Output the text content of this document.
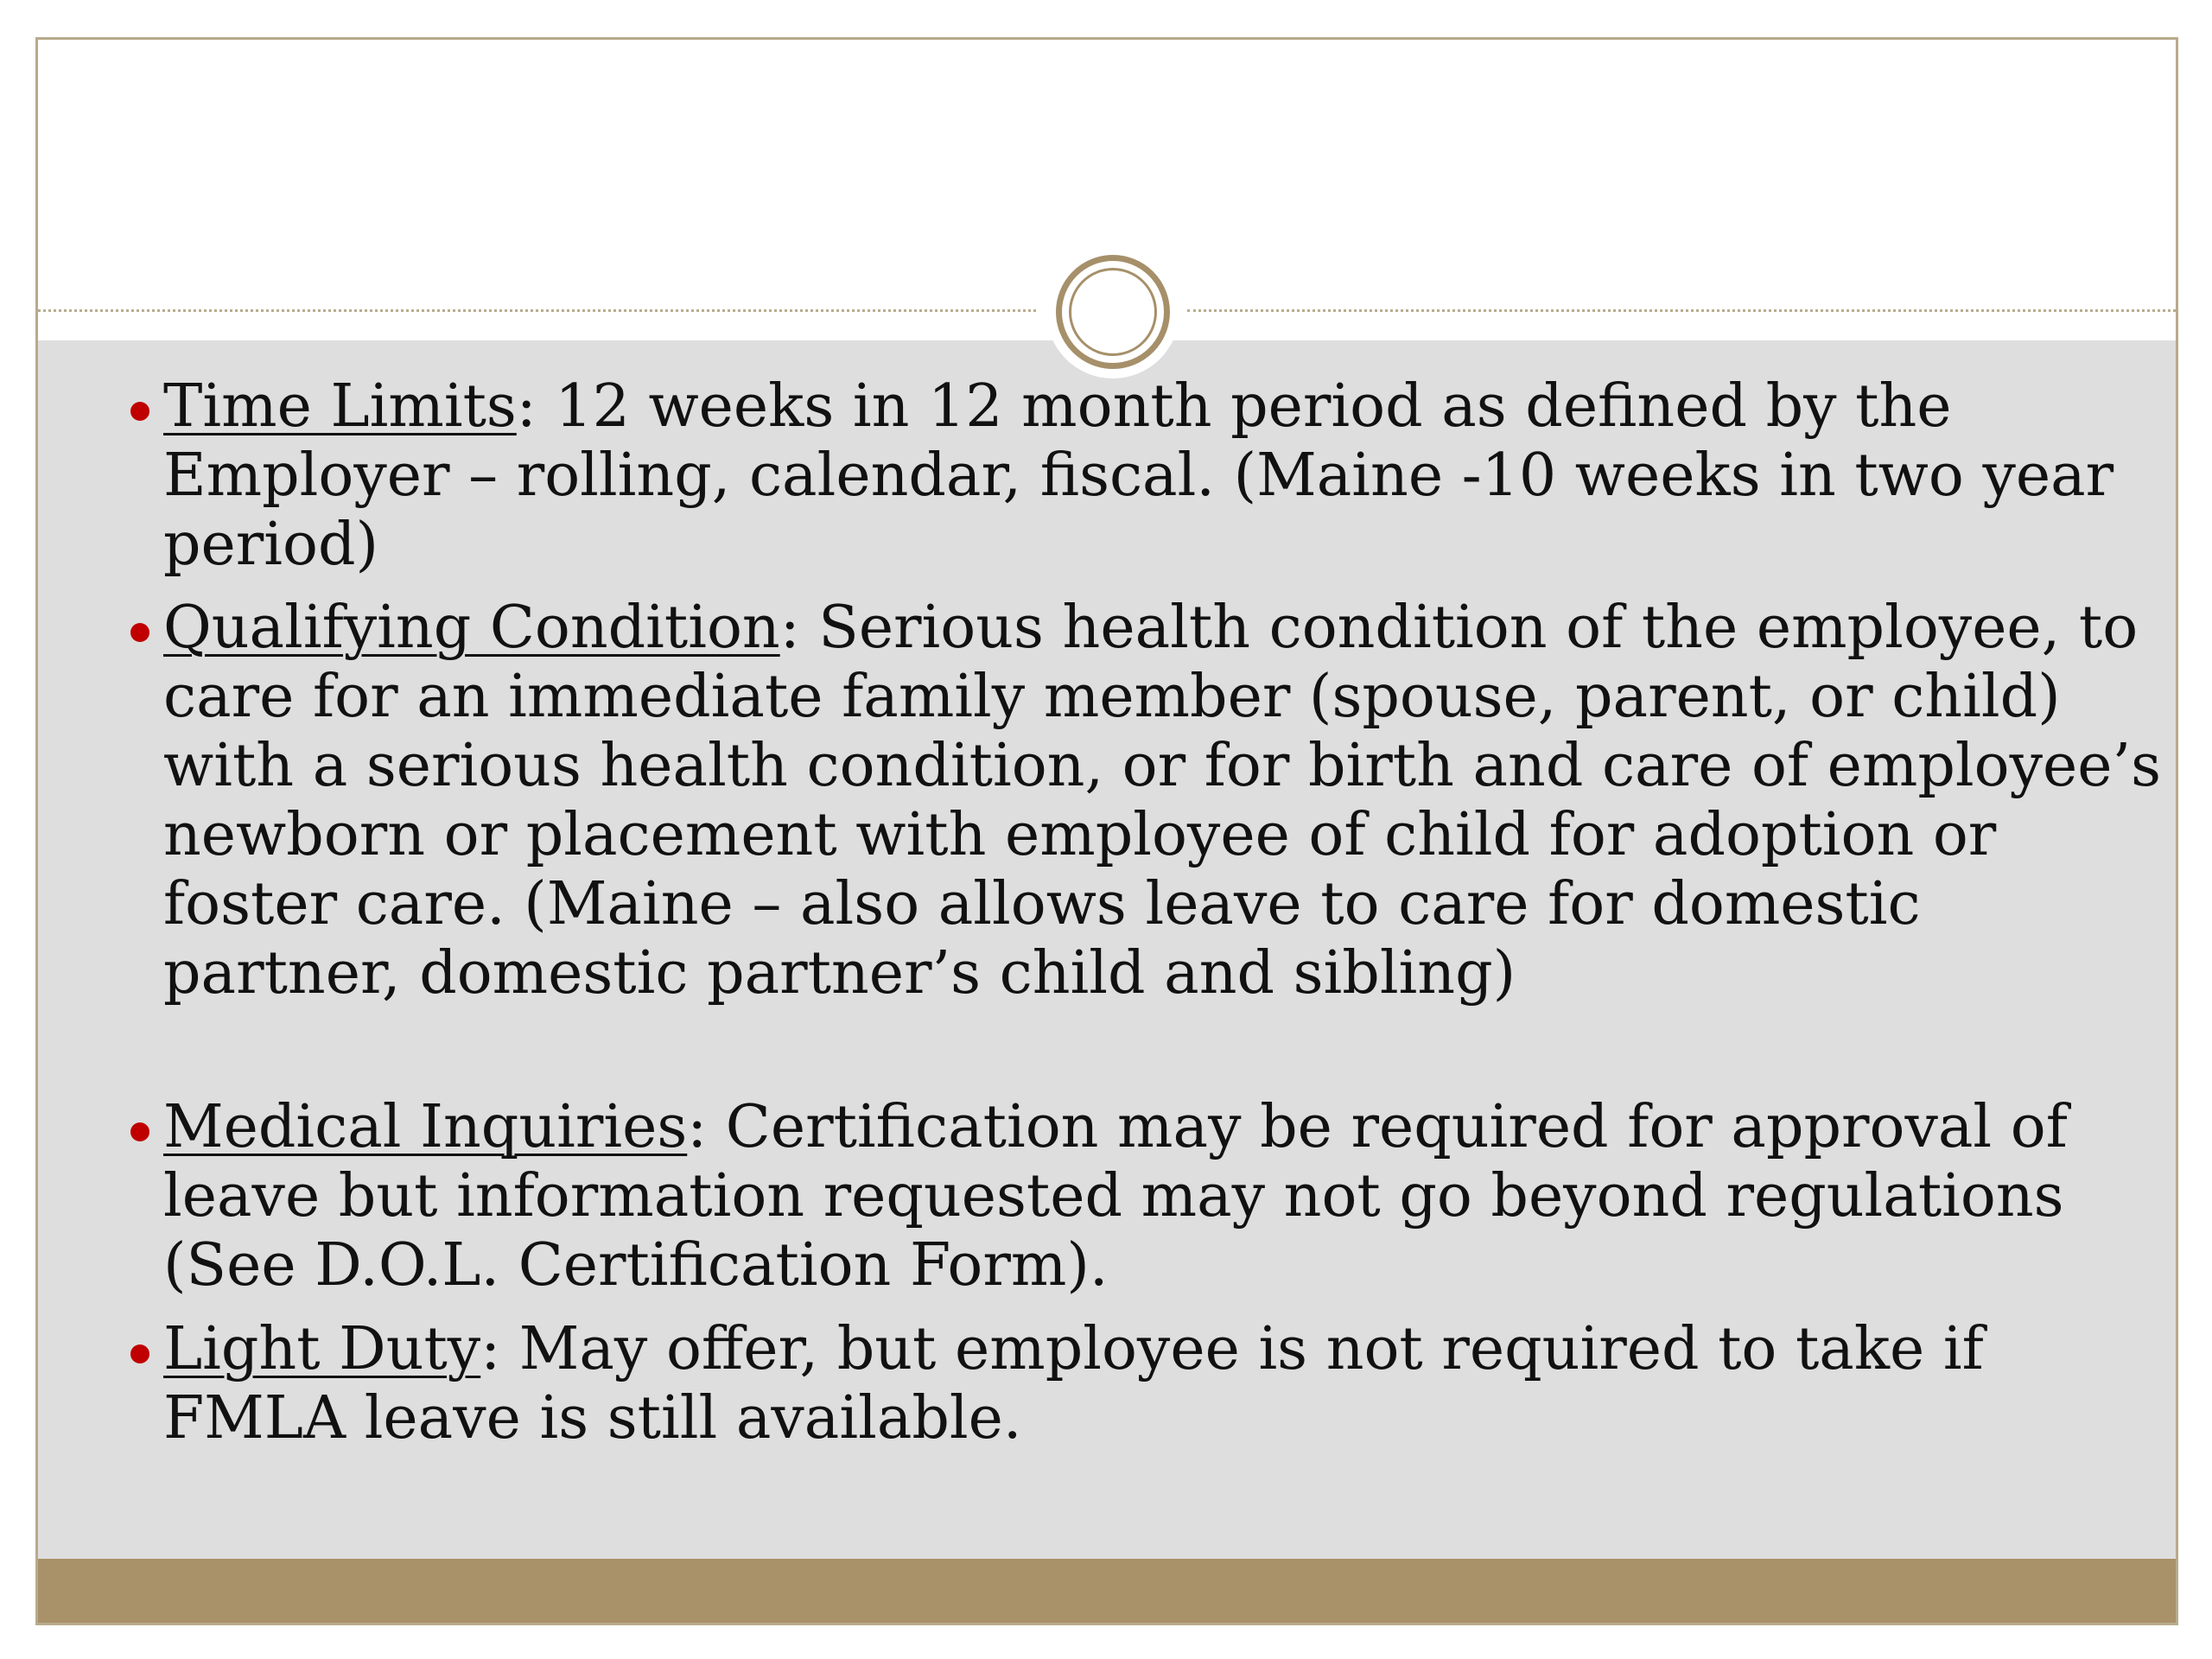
Time Limits: 12 weeks in 12 month period as defined by the Employer – rolling, calendar, fiscal. (Maine -10 weeks in two year period)
Qualifying Condition: Serious health condition of the employee, to care for an immediate family member (spouse, parent, or child) with a serious health condition, or for birth and care of employee’s newborn or placement with employee of child for adoption or foster care. (Maine – also allows leave to care for domestic partner, domestic partner’s child and sibling)
Medical Inquiries: Certification may be required for approval of leave but information requested may not go beyond regulations (See D.O.L. Certification Form).
Light Duty: May offer, but employee is not required to take if FMLA leave is still available.
